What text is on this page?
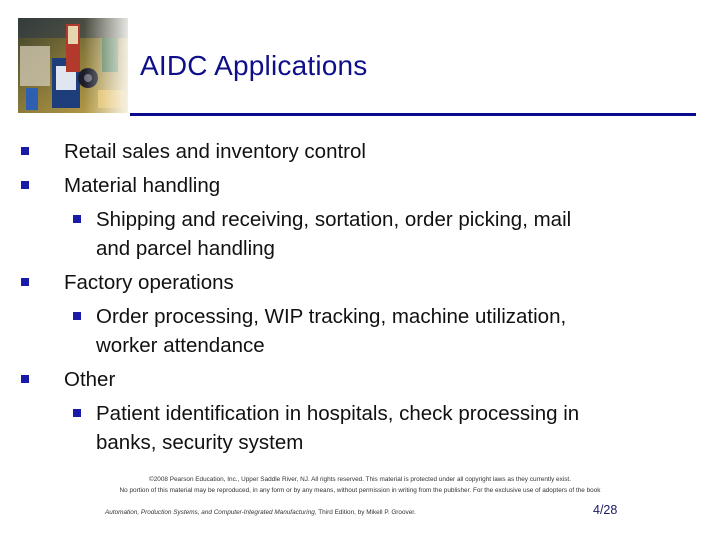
AIDC Applications
Retail sales and inventory control
Material handling
Shipping and receiving, sortation, order picking, mail
and parcel handling
Factory operations
Order processing, WIP tracking, machine utilization,
worker attendance
Other
Patient identification in hospitals, check processing in
banks, security system
©2008 Pearson Education, Inc., Upper Saddle River, NJ. All rights reserved. This material is protected under all copyright laws as they currently exist.
No portion of this material may be reproduced, in any form or by any means, without permission in writing from the publisher. For the exclusive use of adopters of the book
Automation, Production Systems, and Computer-Integrated Manufacturing, Third Edition, by Mikell P. Groover.	4/28
